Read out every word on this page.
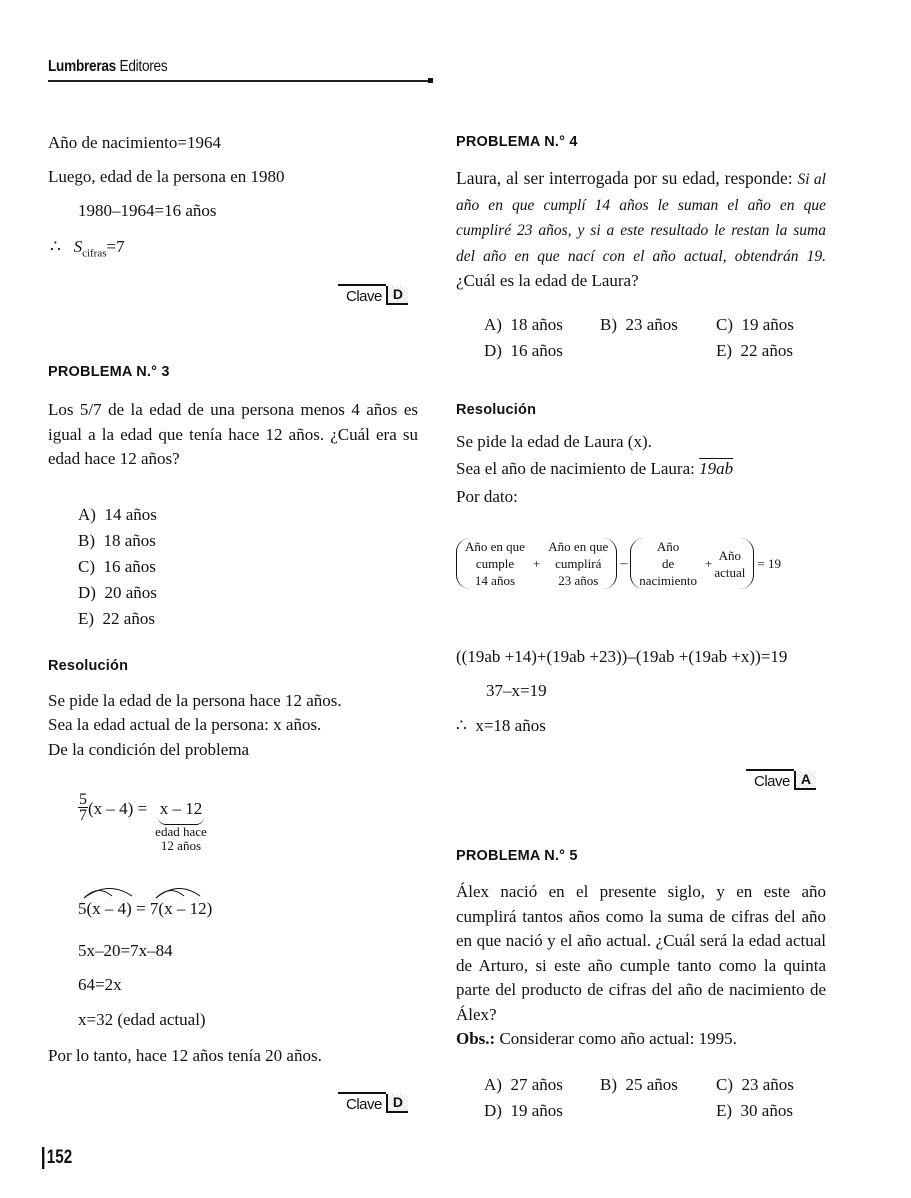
Lumbreras Editores
Año de nacimiento=1964
Luego, edad de la persona en 1980
1980–1964=16 años
∴ $S_{cifras}=7$
Clave D
PROBLEMA N.° 3
Los 5/7 de la edad de una persona menos 4 años es igual a la edad que tenía hace 12 años. ¿Cuál era su edad hace 12 años?
A) 14 años
B) 18 años
C) 16 años
D) 20 años
E) 22 años
Resolución
Se pide la edad de la persona hace 12 años.
Sea la edad actual de la persona: x años.
De la condición del problema
$\frac{5}{7} (x - 4) = x - 12$
edad hace
12 años
5(x – 4) = 7(x – 12)
5x–20=7x–84
64=2x
x=32 (edad actual)
Por lo tanto, hace 12 años tenía 20 años.
Clave D
152
PROBLEMA N.° 4
Laura, al ser interrogada por su edad, responde: Si al año en que cumplí 14 años le suman el año en que cumpliré 23 años, y si a este resultado le restan la suma del año en que nací con el año actual, obtendrán 19. ¿Cuál es la edad de Laura?
A) 18 años	B) 23 años	C) 19 años
D) 16 años	E) 22 años
Resolución
Se pide la edad de Laura (x).
Sea el año de nacimiento de Laura: 19ab
Por dato:
Año en que
cumple
14 años
+
Año en que
cumplirá
23 años
–
Año
de
nacimiento
+
Año
actual
= 19
((19ab +14)+(19ab +23))–(19ab +(19ab +x))=19
37–x=19
∴ x=18 años
Clave A
PROBLEMA N.° 5
Álex nació en el presente siglo, y en este año cumplirá tantos años como la suma de cifras del año en que nació y el año actual. ¿Cuál será la edad actual de Arturo, si este año cumple tanto como la quinta parte del producto de cifras del año de nacimiento de Álex?
Obs.: Considerar como año actual: 1995.
A) 27 años	B) 25 años	C) 23 años
D) 19 años	E) 30 años
